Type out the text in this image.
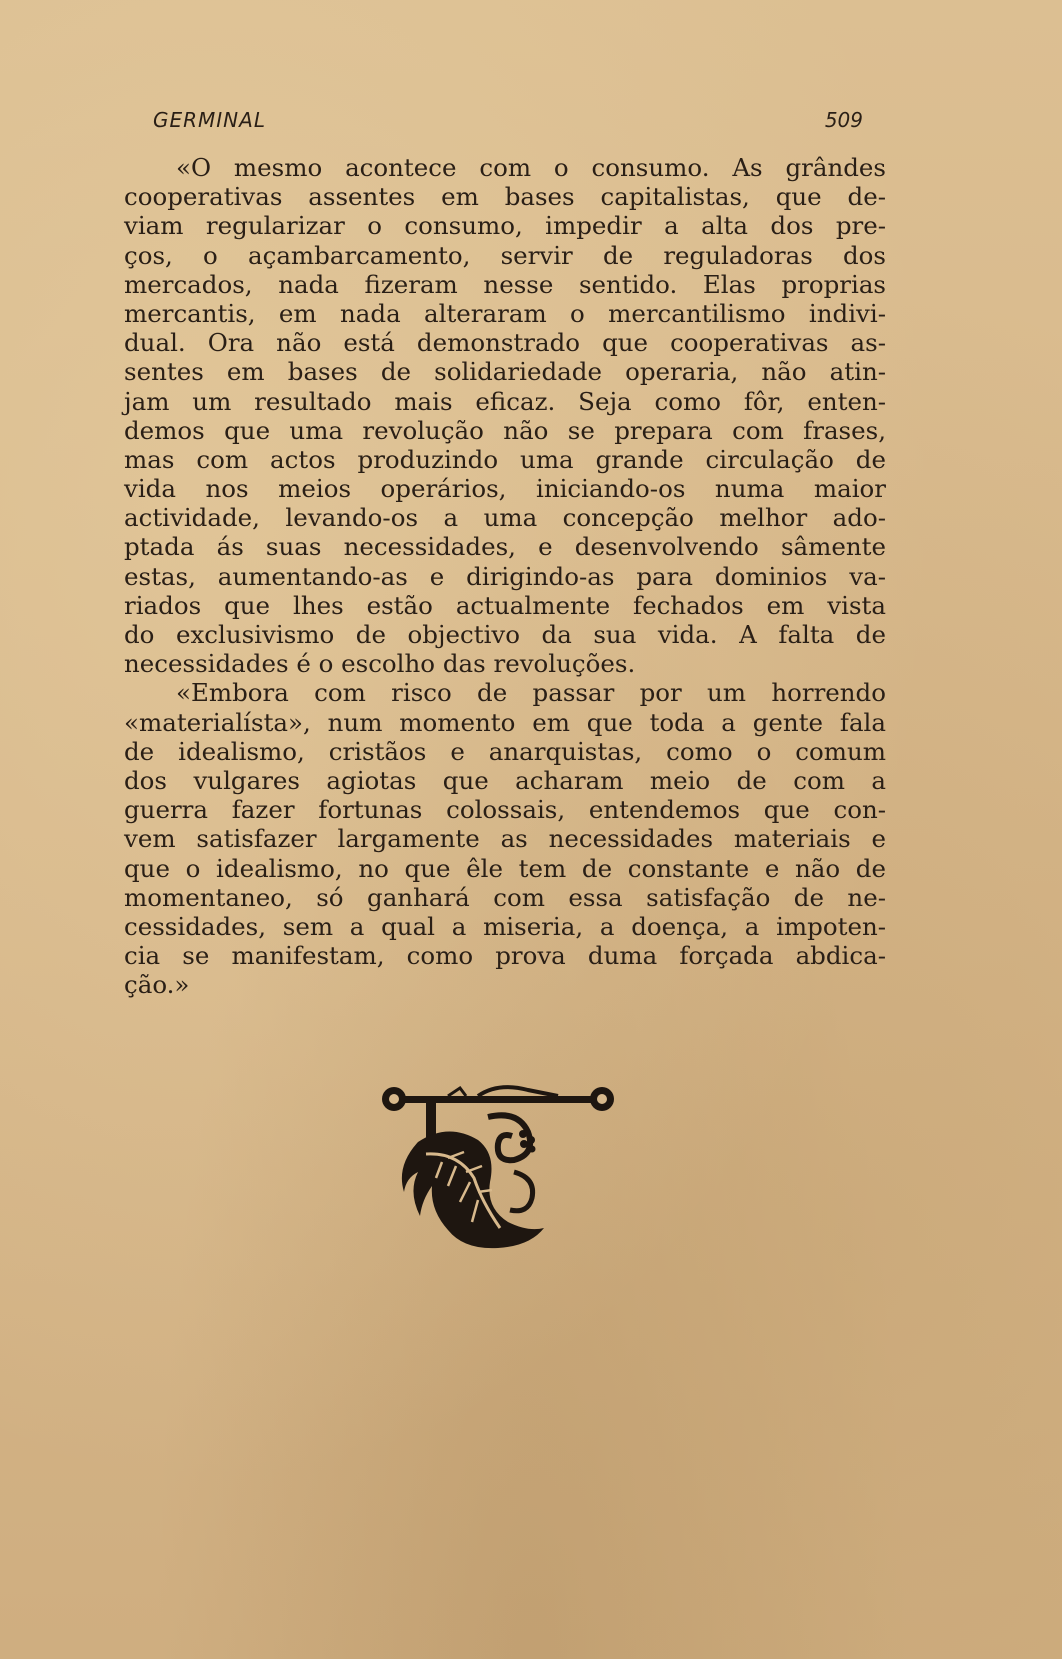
GERMINAL	509
«O mesmo acontece com o consumo. As grândes
cooperativas assentes em bases capitalistas, que de-
viam regularizar o consumo, impedir a alta dos pre-
ços, o açambarcamento, servir de reguladoras dos
mercados, nada fizeram nesse sentido. Elas proprias
mercantis, em nada alteraram o mercantilismo indivi-
dual. Ora não está demonstrado que cooperativas as-
sentes em bases de solidariedade operaria, não atin-
jam um resultado mais eficaz. Seja como fôr, enten-
demos que uma revolução não se prepara com frases,
mas com actos produzindo uma grande circulação de
vida nos meios operários, iniciando-os numa maior
actividade, levando-os a uma concepção melhor ado-
ptada ás suas necessidades, e desenvolvendo sâmente
estas, aumentando-as e dirigindo-as para dominios va-
riados que lhes estão actualmente fechados em vista
do exclusivismo de objectivo da sua vida. A falta de
necessidades é o escolho das revoluções.
«Embora com risco de passar por um horrendo
«materialísta», num momento em que toda a gente fala
de idealismo, cristãos e anarquistas, como o comum
dos vulgares agiotas que acharam meio de com a
guerra fazer fortunas colossais, entendemos que con-
vem satisfazer largamente as necessidades materiais e
que o idealismo, no que êle tem de constante e não de
momentaneo, só ganhará com essa satisfação de ne-
cessidades, sem a qual a miseria, a doença, a impoten-
cia se manifestam, como prova duma forçada abdica-
ção.»
